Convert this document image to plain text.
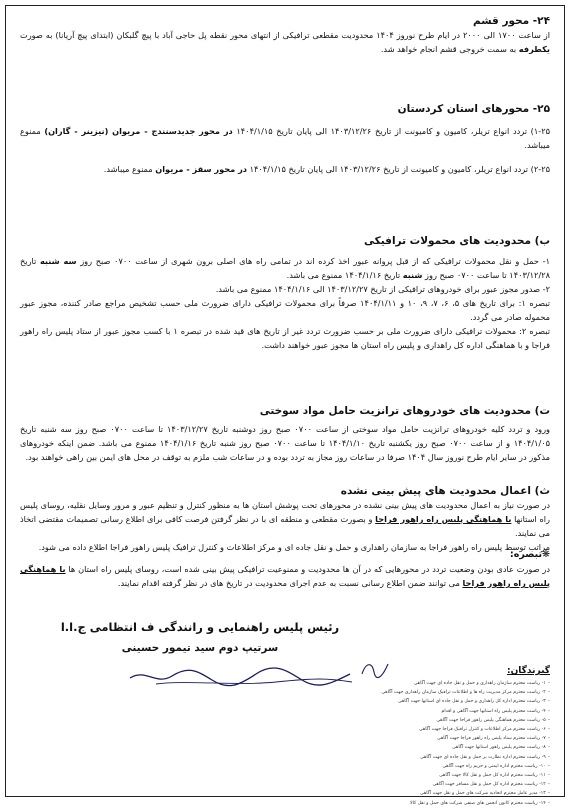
۲۴- محور قشم
از ساعت ۱۷۰۰ الی ۲۰۰۰ در ایام طرح نوروز ۱۴۰۴ محدودیت مقطعی ترافیکی از انتهای محور نقطه پل حاجی آباد با پیچ گلبکان (ابتدای پیچ آریانا) به صورت یکطرفه به سمت خروجی قشم انجام خواهد شد.
۲۵- محورهای استان کردستان
۱-۲۵) تردد انواع تریلر، کامیون و کامیونت از تاریخ ۱۴۰۳/۱۲/۲۶ الی پایان تاریخ ۱۴۰۴/۱/۱۵ در محور جدیدسنندج - مریوان (نیزینر - گاران) ممنوع میباشد.
۲-۲۵) تردد انواع تریلر، کامیون و کامیونت از تاریخ ۱۴۰۳/۱۲/۲۶ الی پایان تاریخ ۱۴۰۴/۱/۱۵ در محور سقز - مریوان ممنوع میباشد.
ب) محدودیت های محمولات ترافیکی
۱- حمل و نقل محمولات ترافیکی که از قبل پروانه عبور اخذ کرده اند در تمامی راه های اصلی برون شهری از ساعت ۰۷۰۰ صبح روز سه شنبه تاریخ ۱۴۰۳/۱۲/۲۸ تا ساعت ۰۷۰۰ صبح روز شنبه تاریخ ۱۴۰۴/۱/۱۶ ممنوع می باشد.
۲- صدور مجوز عبور برای خودروهای ترافیکی از تاریخ ۱۴۰۳/۱۲/۲۷ الی ۱۴۰۴/۱/۱۶ ممنوع می باشد.
تبصره ۱: برای تاریخ های ۵، ۶، ۷، ۹، ۱۰ و ۱۴۰۴/۱/۱۱ صرفاً برای محمولات ترافیکی دارای ضرورت ملی حسب تشخیص مراجع صادر کننده، مجوز عبور محموله صادر می گردد.
تبصره ۲: محمولات ترافیکی دارای ضرورت ملی بر حسب ضرورت تردد غیر از تاریخ های قید شده در تبصره ۱ با کسب مجوز عبور از ستاد پلیس راه راهور فراجا و با هماهنگی اداره کل راهداری و پلیس راه استان ها مجوز عبور خواهند داشت.
ت) محدودیت های خودروهای ترانزیت حامل مواد سوختی
ورود و تردد کلیه خودروهای ترانزیت حامل مواد سوختی از ساعت ۰۷۰۰ صبح روز دوشنبه تاریخ ۱۴۰۳/۱۲/۲۷ تا ساعت ۰۷۰۰ صبح روز سه شنبه تاریخ ۱۴۰۴/۱/۰۵ و از ساعت ۰۷۰۰ صبح روز یکشنبه تاریخ ۱۴۰۴/۱/۱۰ تا ساعت ۰۷۰۰ صبح روز شنبه تاریخ ۱۴۰۴/۱/۱۶ ممنوع می باشد. ضمن اینکه خودروهای مذکور در سایر ایام طرح نوروز سال ۱۴۰۴ صرفا در ساعات روز مجاز به تردد بوده و در ساعات شب ملزم به توقف در محل های ایمن بین راهی خواهند بود.
ث) اعمال محدودیت های پیش بینی نشده
در صورت نیاز به اعمال محدودیت های پیش بینی نشده در محورهای تحت پوشش استان ها به منظور کنترل و تنظیم عبور و مرور وسایل نقلیه، روسای پلیس راه استانها با هماهنگی پلیس راه راهور فراجا و بصورت مقطعی و منطقه ای با در نظر گرفتن فرصت کافی برای اطلاع رسانی تصمیمات مقتضی اتخاذ می نمایند.
مراتب توسط پلیس راه راهور فراجا به سازمان راهداری و حمل و نقل جاده ای و مرکز اطلاعات و کنترل ترافیک پلیس راهور فراجا اطلاع داده می شود.
❋تبصره:
در صورت عادی بودن وضعیت تردد در محورهایی که در آن ها محدودیت و ممنوعیت ترافیکی پیش بینی شده است، روسای پلیس راه استان ها با هماهنگی پلیس راه راهور فراجا می توانند ضمن اطلاع رسانی نسبت به عدم اجرای محدودیت در تاریخ های در نظر گرفته اقدام نمایند.
رئیس پلیس راهنمایی و رانندگی ف انتظامی ج.ا.ا
سرتیپ دوم سید تیمور حسینی
گیرندگان:
– ۱- ریاست محترم سازمان راهداری و حمل و نقل جاده ای جهت آگاهی
– ۲- ریاست محترم مرکز مدیریت راه ها و اطلاعات ترافیک سازمان راهداری جهت آگاهی
– ۳- ریاست محترم اداره کل راهداری و حمل و نقل جاده ای استانها جهت آگاهی
– ۴- ریاست محترم پلیس راه استانها جهت آگاهی و اقدام
– ۵- ریاست محترم هماهنگی پلیس راهور فراجا جهت آگاهی
– ۶- ریاست محترم مرکز اطلاعات و کنترل ترافیک فراجا جهت آگاهی
– ۷- ریاست محترم ستاد پلیس راه راهور فراجا جهت آگاهی
– ۸- ریاست محترم پلیس راهور استانها جهت آگاهی
– ۹- ریاست محترم اداره نظارت بر حمل و نقل جاده ای جهت آگاهی
– ۱۰- ریاست محترم اداره ایمنی و حریم راه جهت آگاهی
– ۱۱- ریاست محترم اداره کل حمل و نقل کالا جهت آگاهی
– ۱۲- ریاست محترم اداره کل حمل و نقل مسافر جهت آگاهی
– ۱۳- مدیر عامل محترم اتحادیه شرکت های حمل و نقل جهت آگاهی
– ۱۴- ریاست محترم کانون انجمن های صنفی شرکت های حمل و نقل کالا
